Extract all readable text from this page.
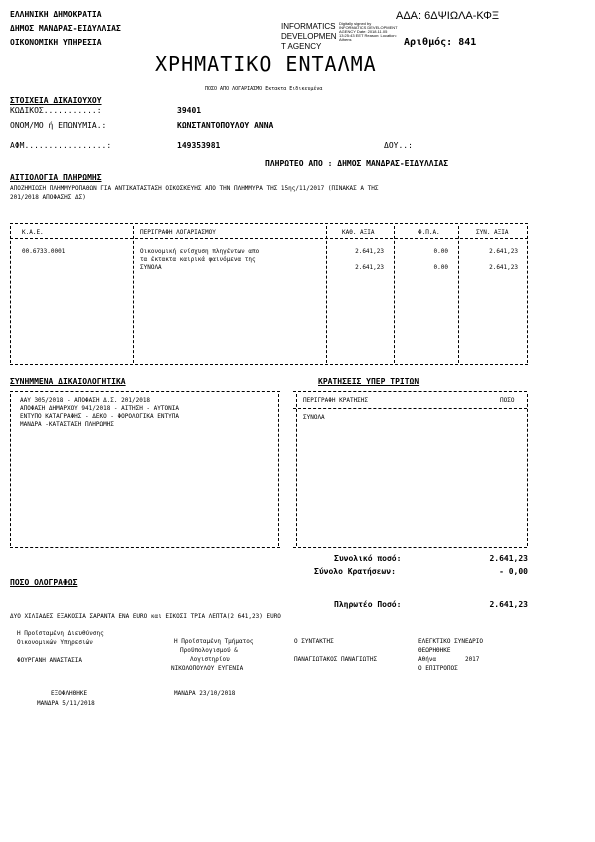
ΕΛΛΗΝΙΚΗ ΔΗΜΟΚΡΑΤΙΑ
ΔΗΜΟΣ ΜΑΝΔΡΑΣ-ΕΙΔΥΛΛΙΑΣ
ΟΙΚΟΝΟΜΙΚΗ ΥΠΗΡΕΣΙΑ
ΑΔΑ: 6ΔΨΙΩΛΑ-ΚΦΞ
INFORMATICS
DEVELOPMEN
T AGENCY
Digitally signed by INFORMATICS DEVELOPMENT AGENCY Date: 2018.11.05 13:25:43 EET Reason: Location: Athens	Αριθμός: 841
ΧΡΗΜΑΤΙΚΟ ΕΝΤΑΛΜΑ
ΠΟΣΟ ΑΠΟ ΛΟΓΑΡΙΑΣΜΟ Εκτακτα Ειδικευμένα
ΣΤΟΙΧΕΙΑ ΔΙΚΑΙΟΥΧΟΥ
ΚΩΔΙΚΟΣ...........:	39401
ΟΝΟΜ/ΜΟ ή ΕΠΩΝΥΜΙΑ.:	ΚΩΝΣΤΑΝΤΟΠΟΥΛΟΥ ΑΝΝΑ
ΑΦΜ.................:	149353981	ΔΟΥ..:
ΠΛΗΡΩΤΕΟ ΑΠΟ : ΔΗΜΟΣ ΜΑΝΔΡΑΣ-ΕΙΔΥΛΛΙΑΣ
ΑΙΤΙΟΛΟΓΙΑ ΠΛΗΡΩΜΗΣ
ΑΠΟΖΗΜΙΩΣΗ ΠΛΗΜΜΥΡΟΠΑΘΩΝ ΓΙΑ ΑΝΤΙΚΑΤΑΣΤΑΣΗ ΟΙΚΟΣΚΕΥΗΣ ΑΠΟ ΤΗΝ ΠΛΗΜΜΥΡΑ ΤΗΣ 15ης/11/2017 (ΠΙΝΑΚΑΣ Α ΤΗΣ
201/2018 ΑΠΟΦΑΣΗΣ ΔΣ)
Κ.Α.Ε.	ΠΕΡΙΓΡΑΦΗ ΛΟΓΑΡΙΑΣΜΟΥ	ΚΑΘ. ΑΞΙΑ	Φ.Π.Α.	ΣΥΝ. ΑΞΙΑ
00.6733.0001	Οικονομική ενίσχυση πληγέντων απο
τα έκτακτα καιρικά φαινόμενα της
2.641,23	0.00	2.641,23
ΣΥΝΟΛΑ	2.641,23	0.00	2.641,23
ΣΥΝΗΜΜΕΝΑ ΔΙΚΑΙΟΛΟΓΗΤΙΚΑ	ΚΡΑΤΗΣΕΙΣ ΥΠΕΡ ΤΡΙΤΩΝ
ΑΑΥ 305/2018 - ΑΠΟΦΑΣΗ Δ.Σ. 201/2018
ΑΠΟΦΑΣΗ ΔΗΜΑΡΧΟΥ 941/2018 - ΑΙΤΗΣΗ - ΑΥΤΟΝΙΑ
ΕΝΤΥΠΟ ΚΑΤΑΓΡΑΦΗΣ - ΔΕΚΟ - ΦΟΡΟΛΟΓΙΚΑ ΕΝΤΥΠΑ
ΜΑΝΔΡΑ -ΚΑΤΑΣΤΑΣΗ ΠΛΗΡΩΜΗΣ
ΠΕΡΙΓΡΑΦΗ ΚΡΑΤΗΣΗΣ	ΠΟΣΟ
ΣΥΝΟΛΑ
Συνολικό ποσό:	2.641,23
Σύνολο Κρατήσεων:	- 0,00
ΠΟΣΟ ΟΛΟΓΡΑΦΩΣ
Πληρωτέο Ποσό:	2.641,23
ΔΥΟ ΧΙΛΙΑΔΕΣ ΕΞΑΚΟΣΙΑ ΣΑΡΑΝΤΑ ΕΝΑ EURO και ΕΙΚΟΣΙ ΤΡΙΑ ΛΕΠΤΑ(2 641,23) EURO
Η Προϊσταμένη Διευθύνσης
Οικονομικών Υπηρεσιών
ΦΟΥΡΓΑΝΗ ΑΝΑΣΤΑΣΙΑ
Η Προϊσταμένη Τμήματος
Προϋπολογισμού &
Λογιστηρίου
ΝΙΚΟΛΟΠΟΥΛΟΥ ΕΥΓΕΝΙΑ
Ο ΣΥΝΤΑΚΤΗΣ
ΠΑΝΑΓΙΩΤΑΚΟΣ ΠΑΝΑΓΙΩΤΗΣ
ΕΛΕΓΚΤΙΚΟ ΣΥΝΕΔΡΙΟ
ΘΕΩΡΗΘΗΚΕ
Αθήνα        2017
Ο ΕΠΙΤΡΟΠΟΣ
ΕΞΟΦΛΗΘΗΚΕ
ΜΑΝΔΡΑ 5/11/2018
ΜΑΝΔΡΑ 23/10/2018
